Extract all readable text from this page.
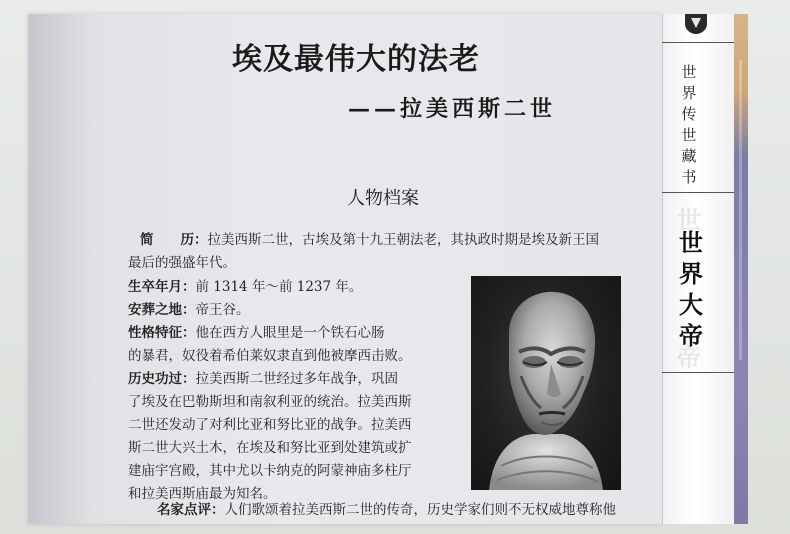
埃及最伟大的法老
——拉美西斯二世
人物档案
简　　历：拉美西斯二世，古埃及第十九王朝法老，其执政时期是埃及新王国
最后的强盛年代。
生卒年月：前 1314 年～前 1237 年。
安葬之地：帝王谷。
性格特征：他在西方人眼里是一个铁石心肠
的暴君，奴役着希伯莱奴隶直到他被摩西击败。
历史功过：拉美西斯二世经过多年战争，巩固
了埃及在巴勒斯坦和南叙利亚的统治。拉美西斯
二世还发动了对利比亚和努比亚的战争。拉美西
斯二世大兴土木，在埃及和努比亚到处建筑或扩
建庙宇宫殿，其中尤以卡纳克的阿蒙神庙多柱厅
和拉美西斯庙最为知名。
名家点评：人们歌颂着拉美西斯二世的传奇，历史学家们则不无权威地尊称他
世界传世藏书
世
世界大帝
帝
